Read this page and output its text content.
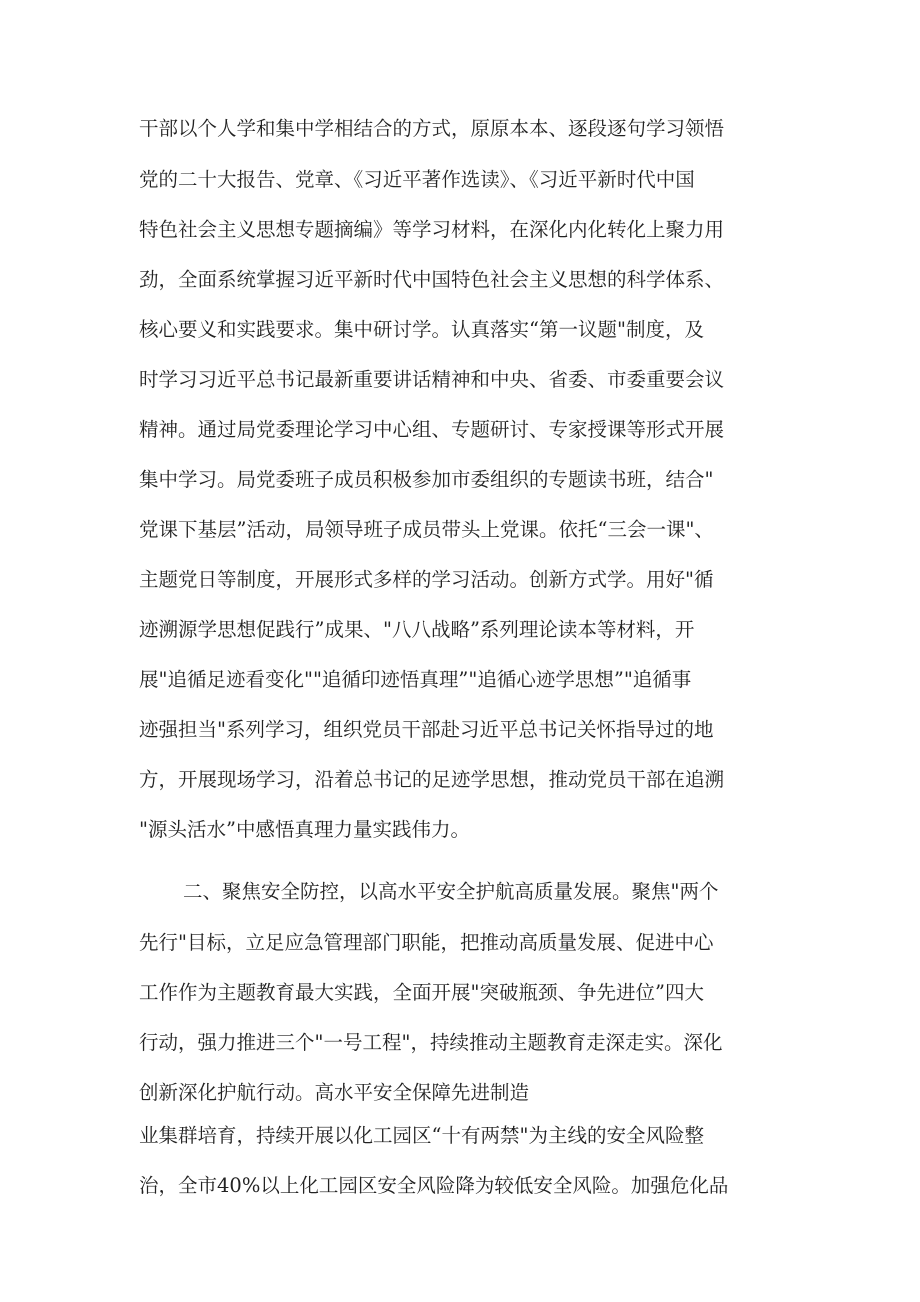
干部以个人学和集中学相结合的方式，原原本本、逐段逐句学习领悟

党的二十大报告、党章、《习近平著作选读》、《习近平新时代中国

特色社会主义思想专题摘编》等学习材料，在深化内化转化上聚力用

劲，全面系统掌握习近平新时代中国特色社会主义思想的科学体系、

核心要义和实践要求。集中研讨学。认真落实“第一议题"制度，及

时学习习近平总书记最新重要讲话精神和中央、省委、市委重要会议

精神。通过局党委理论学习中心组、专题研讨、专家授课等形式开展

集中学习。局党委班子成员积极参加市委组织的专题读书班，结合"

党课下基层”活动，局领导班子成员带头上党课。依托“三会一课"、

主题党日等制度，开展形式多样的学习活动。创新方式学。用好"循

迹溯源学思想促践行”成果、"八八战略”系列理论读本等材料，开

展"追循足迹看变化""追循印迹悟真理”"追循心迹学思想”"追循事

迹强担当"系列学习，组织党员干部赴习近平总书记关怀指导过的地

方，开展现场学习，沿着总书记的足迹学思想，推动党员干部在追溯

"源头活水”中感悟真理力量实践伟力。

二、聚焦安全防控，以高水平安全护航高质量发展。聚焦"两个

先行"目标，立足应急管理部门职能，把推动高质量发展、促进中心

工作作为主题教育最大实践，全面开展"突破瓶颈、争先进位”四大

行动，强力推进三个"一号工程"，持续推动主题教育走深走实。深化

创新深化护航行动。高水平安全保障先进制造

业集群培育，持续开展以化工园区“十有两禁"为主线的安全风险整

治，全市40%以上化工园区安全风险降为较低安全风险。加强危化品
